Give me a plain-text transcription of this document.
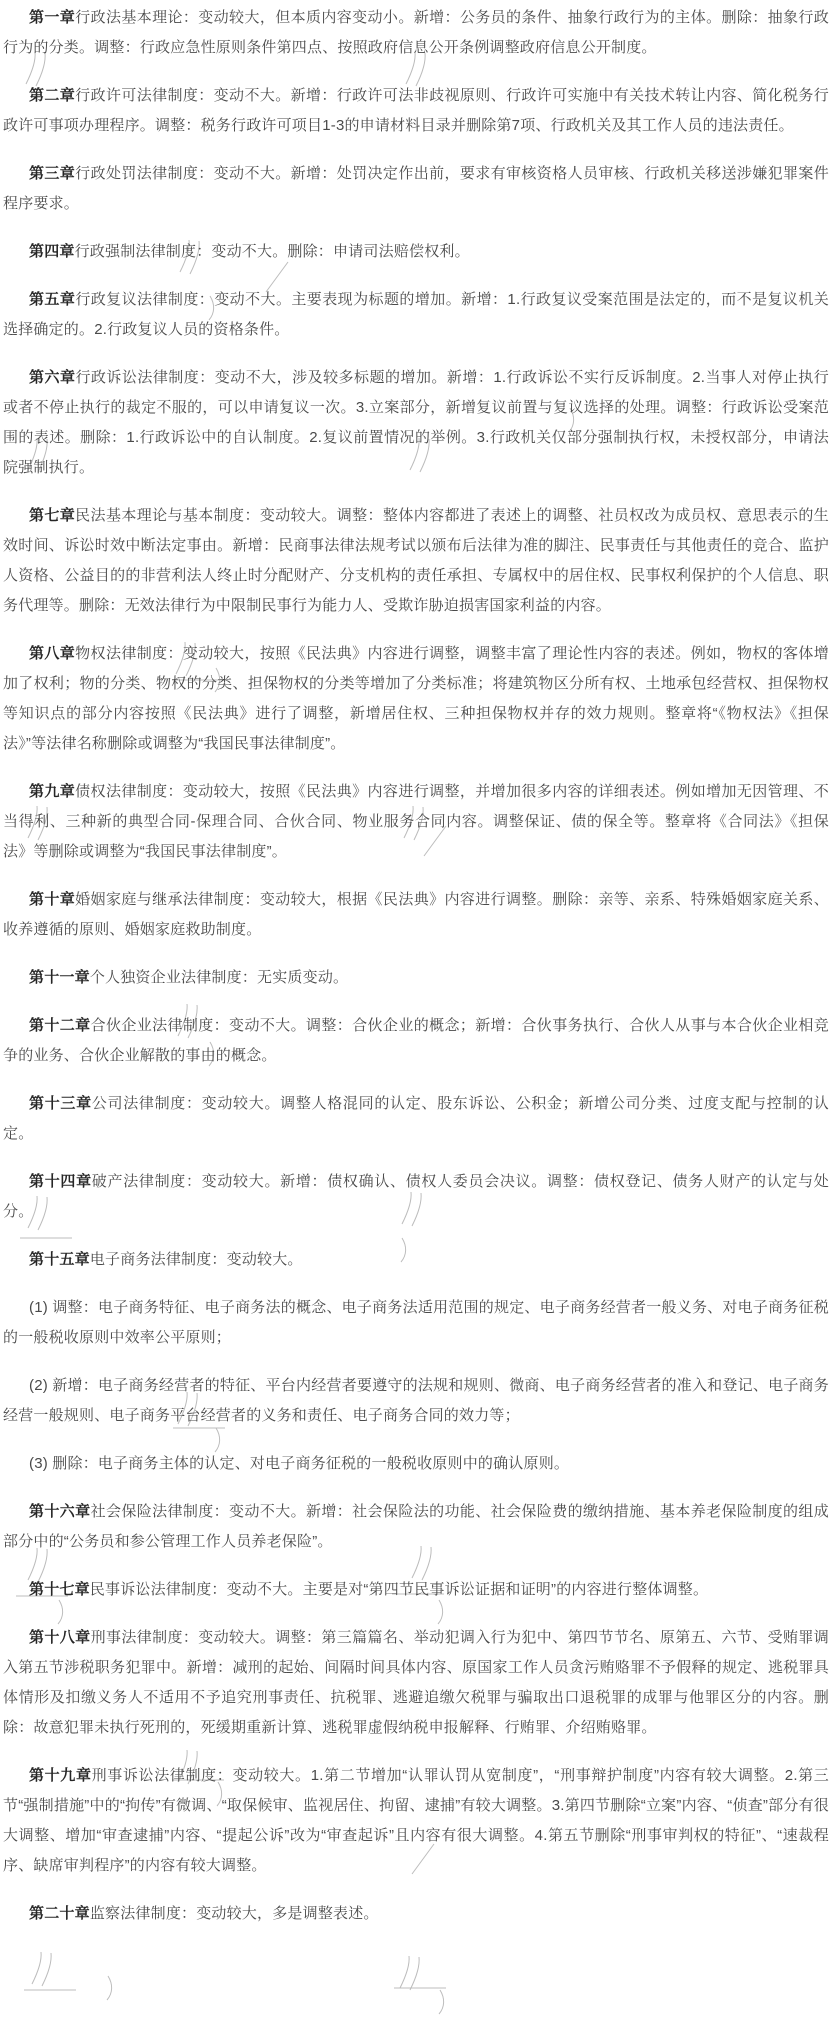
第一章行政法基本理论：变动较大，但本质内容变动小。新增：公务员的条件、抽象行政行为的主体。删除：抽象行政行为的分类。调整：行政应急性原则条件第四点、按照政府信息公开条例调整政府信息公开制度。

第二章行政许可法律制度：变动不大。新增：行政许可法非歧视原则、行政许可实施中有关技术转让内容、简化税务行政许可事项办理程序。调整：税务行政许可项目1-3的申请材料目录并删除第7项、行政机关及其工作人员的违法责任。

第三章行政处罚法律制度：变动不大。新增：处罚决定作出前，要求有审核资格人员审核、行政机关移送涉嫌犯罪案件程序要求。

第四章行政强制法律制度：变动不大。删除：申请司法赔偿权利。

第五章行政复议法律制度：变动不大。主要表现为标题的增加。新增：1.行政复议受案范围是法定的，而不是复议机关选择确定的。2.行政复议人员的资格条件。

第六章行政诉讼法律制度：变动不大，涉及较多标题的增加。新增：1.行政诉讼不实行反诉制度。2.当事人对停止执行或者不停止执行的裁定不服的，可以申请复议一次。3.立案部分，新增复议前置与复议选择的处理。调整：行政诉讼受案范围的表述。删除：1.行政诉讼中的自认制度。2.复议前置情况的举例。3.行政机关仅部分强制执行权，未授权部分，申请法院强制执行。

第七章民法基本理论与基本制度：变动较大。调整：整体内容都进了表述上的调整、社员权改为成员权、意思表示的生效时间、诉讼时效中断法定事由。新增：民商事法律法规考试以颁布后法律为准的脚注、民事责任与其他责任的竞合、监护人资格、公益目的的非营利法人终止时分配财产、分支机构的责任承担、专属权中的居住权、民事权利保护的个人信息、职务代理等。删除：无效法律行为中限制民事行为能力人、受欺诈胁迫损害国家利益的内容。

第八章物权法律制度：变动较大，按照《民法典》内容进行调整，调整丰富了理论性内容的表述。例如，物权的客体增加了权利；物的分类、物权的分类、担保物权的分类等增加了分类标准；将建筑物区分所有权、土地承包经营权、担保物权等知识点的部分内容按照《民法典》进行了调整，新增居住权、三种担保物权并存的效力规则。整章将“《物权法》《担保法》”等法律名称删除或调整为“我国民事法律制度”。

第九章债权法律制度：变动较大，按照《民法典》内容进行调整，并增加很多内容的详细表述。例如增加无因管理、不当得利、三种新的典型合同-保理合同、合伙合同、物业服务合同内容。调整保证、债的保全等。整章将《合同法》《担保法》等删除或调整为“我国民事法律制度”。

第十章婚姻家庭与继承法律制度：变动较大，根据《民法典》内容进行调整。删除：亲等、亲系、特殊婚姻家庭关系、收养遵循的原则、婚姻家庭救助制度。

第十一章个人独资企业法律制度：无实质变动。

第十二章合伙企业法律制度：变动不大。调整：合伙企业的概念；新增：合伙事务执行、合伙人从事与本合伙企业相竞争的业务、合伙企业解散的事由的概念。

第十三章公司法律制度：变动较大。调整人格混同的认定、股东诉讼、公积金；新增公司分类、过度支配与控制的认定。

第十四章破产法律制度：变动较大。新增：债权确认、债权人委员会决议。调整：债权登记、债务人财产的认定与处分。

第十五章电子商务法律制度：变动较大。

(1) 调整：电子商务特征、电子商务法的概念、电子商务法适用范围的规定、电子商务经营者一般义务、对电子商务征税的一般税收原则中效率公平原则；

(2) 新增：电子商务经营者的特征、平台内经营者要遵守的法规和规则、微商、电子商务经营者的准入和登记、电子商务经营一般规则、电子商务平台经营者的义务和责任、电子商务合同的效力等；

(3) 删除：电子商务主体的认定、对电子商务征税的一般税收原则中的确认原则。

第十六章社会保险法律制度：变动不大。新增：社会保险法的功能、社会保险费的缴纳措施、基本养老保险制度的组成部分中的“公务员和参公管理工作人员养老保险”。

第十七章民事诉讼法律制度：变动不大。主要是对“第四节民事诉讼证据和证明”的内容进行整体调整。

第十八章刑事法律制度：变动较大。调整：第三篇篇名、举动犯调入行为犯中、第四节节名、原第五、六节、受贿罪调入第五节涉税职务犯罪中。新增：减刑的起始、间隔时间具体内容、原国家工作人员贪污贿赂罪不予假释的规定、逃税罪具体情形及扣缴义务人不适用不予追究刑事责任、抗税罪、逃避追缴欠税罪与骗取出口退税罪的成罪与他罪区分的内容。删除：故意犯罪未执行死刑的，死缓期重新计算、逃税罪虚假纳税申报解释、行贿罪、介绍贿赂罪。

第十九章刑事诉讼法律制度：变动较大。1.第二节增加“认罪认罚从宽制度”，“刑事辩护制度”内容有较大调整。2.第三节“强制措施”中的“拘传”有微调、“取保候审、监视居住、拘留、逮捕”有较大调整。3.第四节删除“立案”内容、“侦查”部分有很大调整、增加“审查逮捕”内容、“提起公诉”改为“审查起诉”且内容有很大调整。4.第五节删除“刑事审判权的特征”、“速裁程序、缺席审判程序”的内容有较大调整。

第二十章监察法律制度：变动较大，多是调整表述。
